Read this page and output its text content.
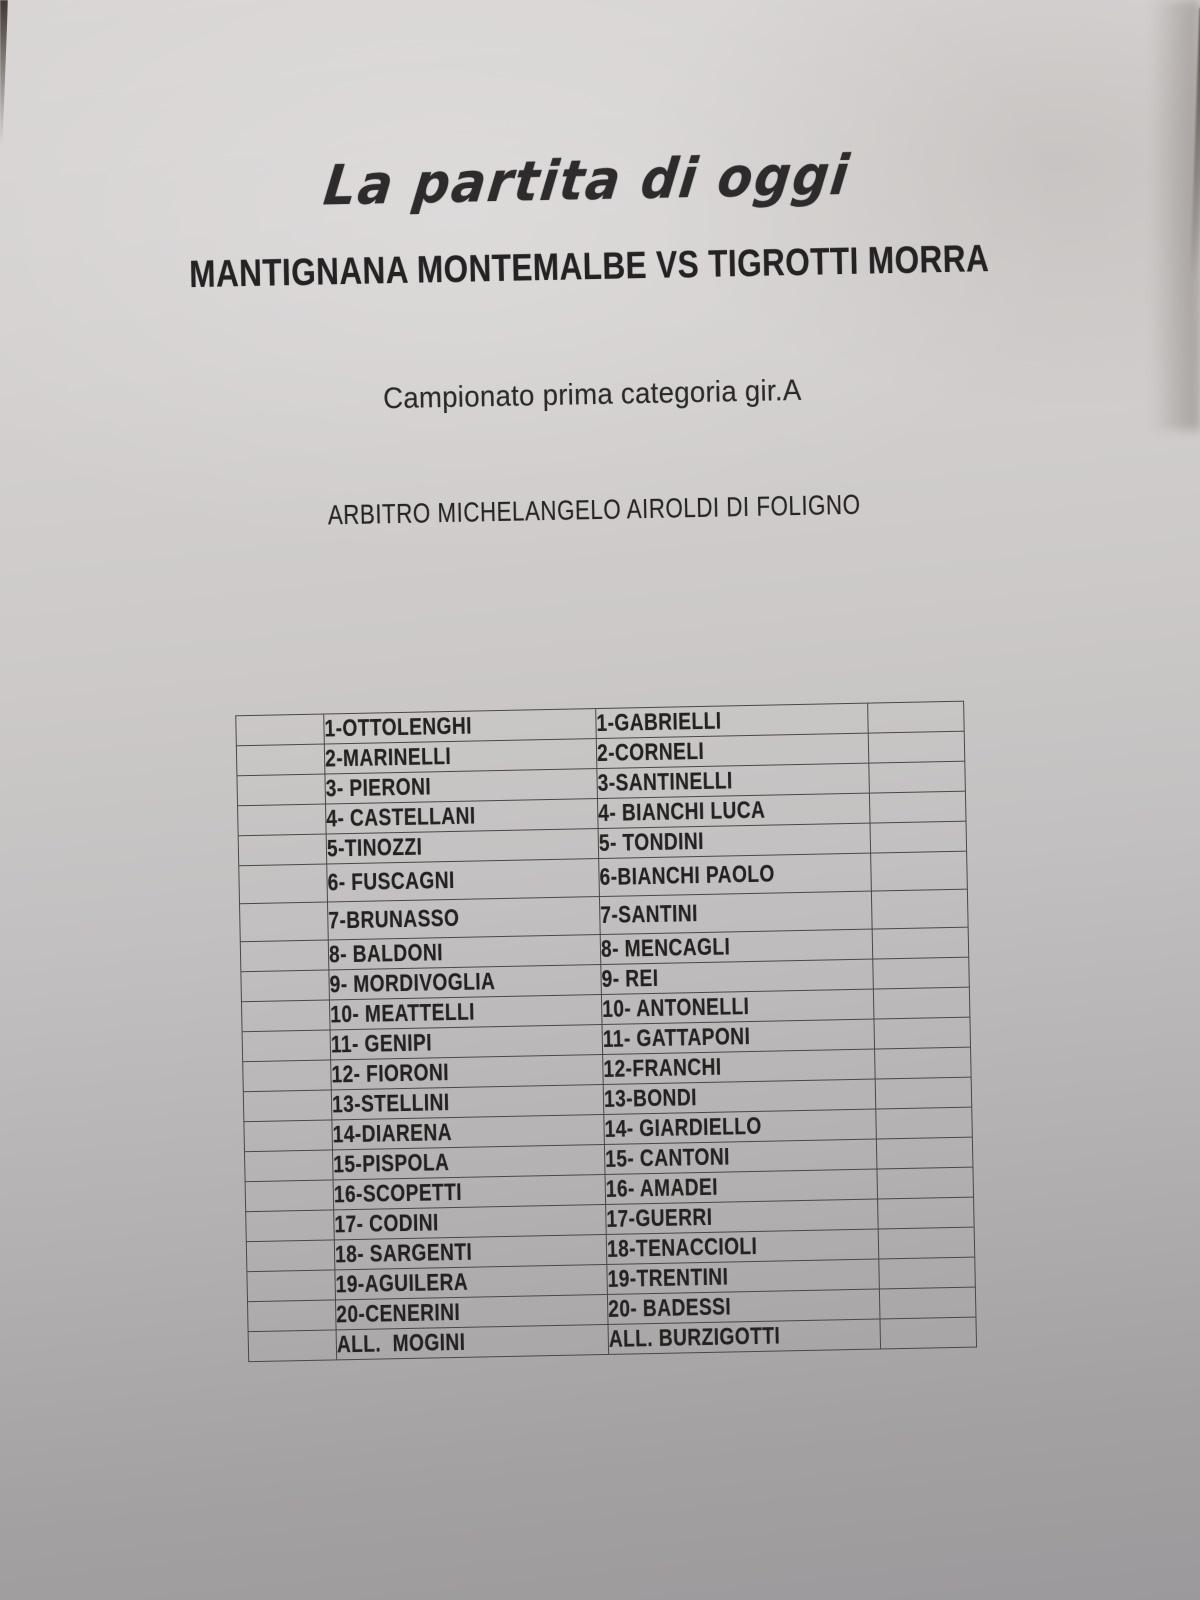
La partita di oggi
MANTIGNANA MONTEMALBE VS TIGROTTI MORRA
Campionato prima categoria gir.A
ARBITRO MICHELANGELO AIROLDI DI FOLIGNO
	1-OTTOLENGHI	1-GABRIELLI	
	2-MARINELLI	2-CORNELI	
	3- PIERONI	3-SANTINELLI	
	4- CASTELLANI	4- BIANCHI LUCA	
	5-TINOZZI	5- TONDINI	
	6- FUSCAGNI	6-BIANCHI PAOLO	
	7-BRUNASSO	7-SANTINI	
	8- BALDONI	8- MENCAGLI	
	9- MORDIVOGLIA	9- REI	
	10- MEATTELLI	10- ANTONELLI	
	11- GENIPI	11- GATTAPONI	
	12- FIORONI	12-FRANCHI	
	13-STELLINI	13-BONDI	
	14-DIARENA	14- GIARDIELLO	
	15-PISPOLA	15- CANTONI	
	16-SCOPETTI	16- AMADEI	
	17- CODINI	17-GUERRI	
	18- SARGENTI	18-TENACCIOLI	
	19-AGUILERA	19-TRENTINI	
	20-CENERINI	20- BADESSI	
	ALL.  MOGINI	ALL. BURZIGOTTI	
